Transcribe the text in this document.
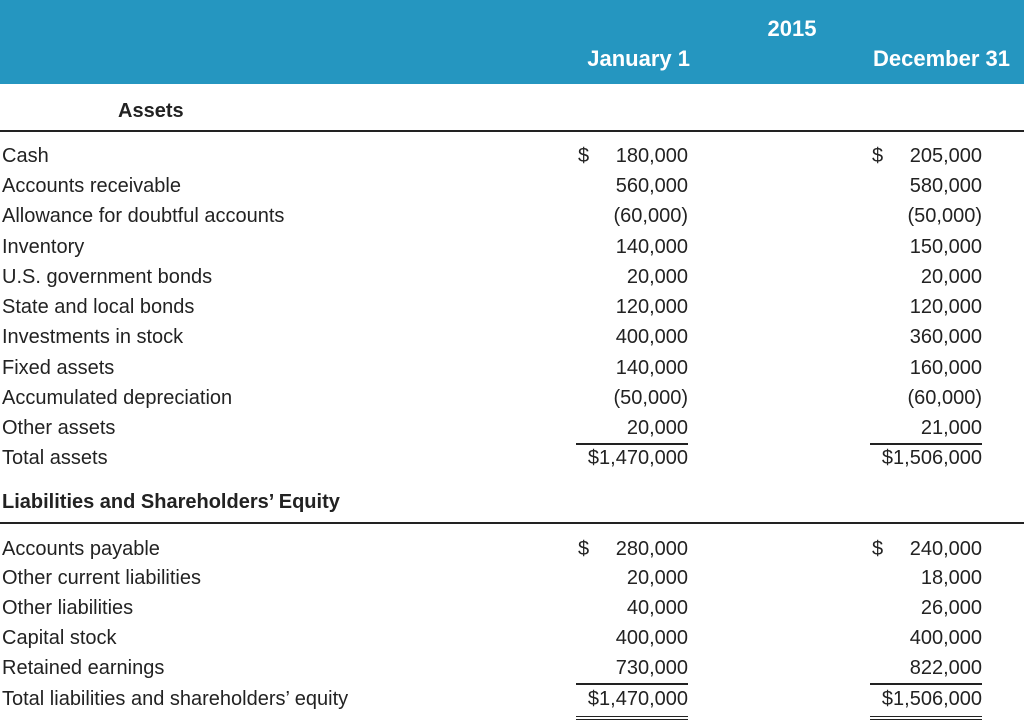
2015
January 1	December 31
Assets
Cash	$ 180,000	$ 205,000
Accounts receivable	560,000	580,000
Allowance for doubtful accounts	(60,000)	(50,000)
Inventory	140,000	150,000
U.S. government bonds	20,000	20,000
State and local bonds	120,000	120,000
Investments in stock	400,000	360,000
Fixed assets	140,000	160,000
Accumulated depreciation	(50,000)	(60,000)
Other assets	20,000	21,000
Total assets	$1,470,000	$1,506,000
Liabilities and Shareholders’ Equity
Accounts payable	$ 280,000	$ 240,000
Other current liabilities	20,000	18,000
Other liabilities	40,000	26,000
Capital stock	400,000	400,000
Retained earnings	730,000	822,000
Total liabilities and shareholders’ equity	$1,470,000	$1,506,000
